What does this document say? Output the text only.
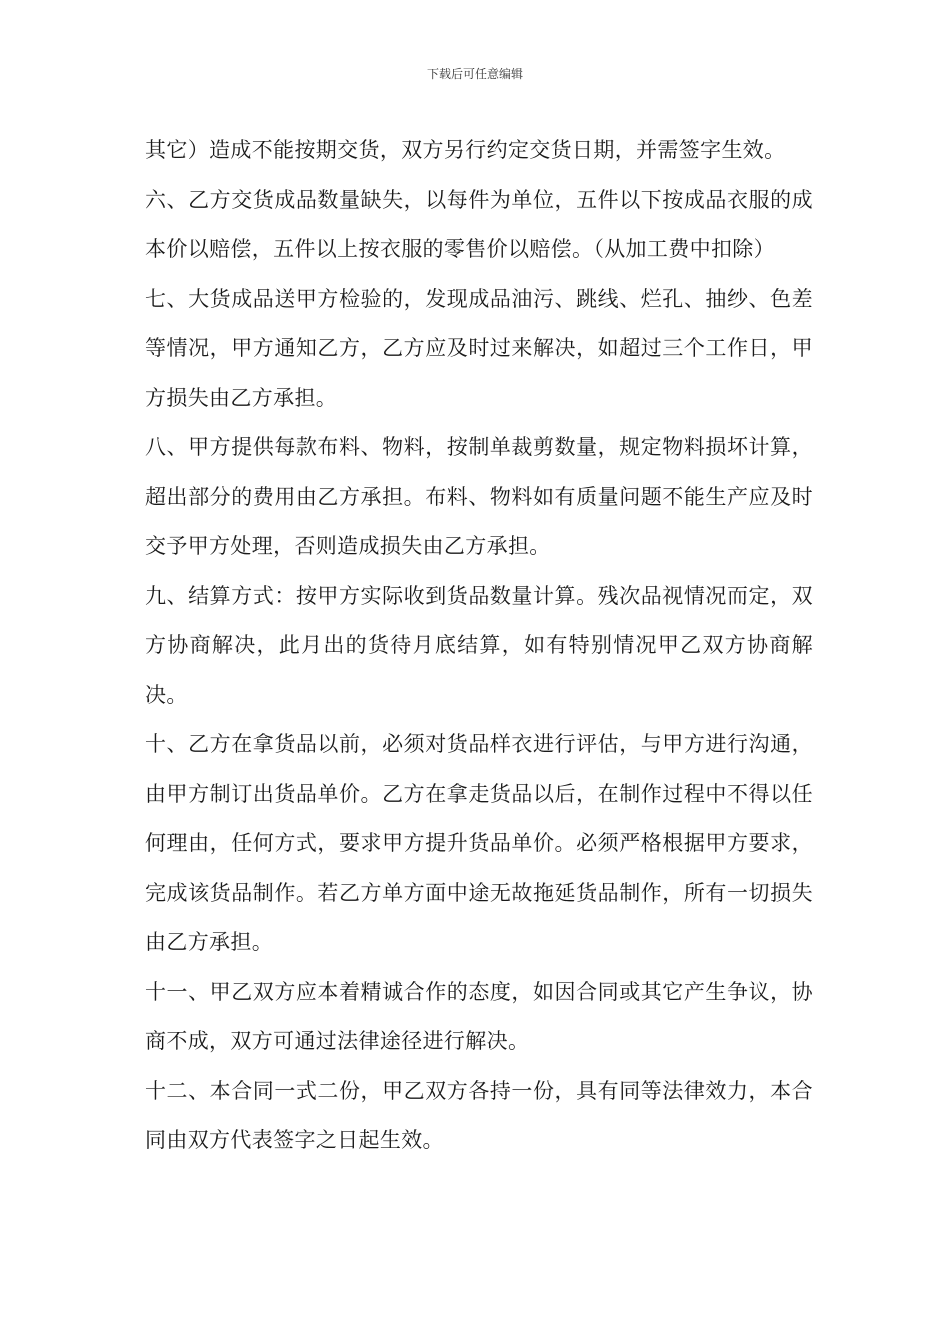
下载后可任意编辑

其它）造成不能按期交货，双方另行约定交货日期，并需签字生效。

六、乙方交货成品数量缺失，以每件为单位，五件以下按成品衣服的成本价以赔偿，五件以上按衣服的零售价以赔偿。（从加工费中扣除）

七、大货成品送甲方检验的，发现成品油污、跳线、烂孔、抽纱、色差等情况，甲方通知乙方，乙方应及时过来解决，如超过三个工作日，甲方损失由乙方承担。

八、甲方提供每款布料、物料，按制单裁剪数量，规定物料损坏计算，超出部分的费用由乙方承担。布料、物料如有质量问题不能生产应及时交予甲方处理，否则造成损失由乙方承担。

九、结算方式：按甲方实际收到货品数量计算。残次品视情况而定，双方协商解决，此月出的货待月底结算，如有特别情况甲乙双方协商解决。

十、乙方在拿货品以前，必须对货品样衣进行评估，与甲方进行沟通，由甲方制订出货品单价。乙方在拿走货品以后，在制作过程中不得以任何理由，任何方式，要求甲方提升货品单价。必须严格根据甲方要求，完成该货品制作。若乙方单方面中途无故拖延货品制作，所有一切损失由乙方承担。

十一、甲乙双方应本着精诚合作的态度，如因合同或其它产生争议，协商不成，双方可通过法律途径进行解决。

十二、本合同一式二份，甲乙双方各持一份，具有同等法律效力，本合同由双方代表签字之日起生效。
